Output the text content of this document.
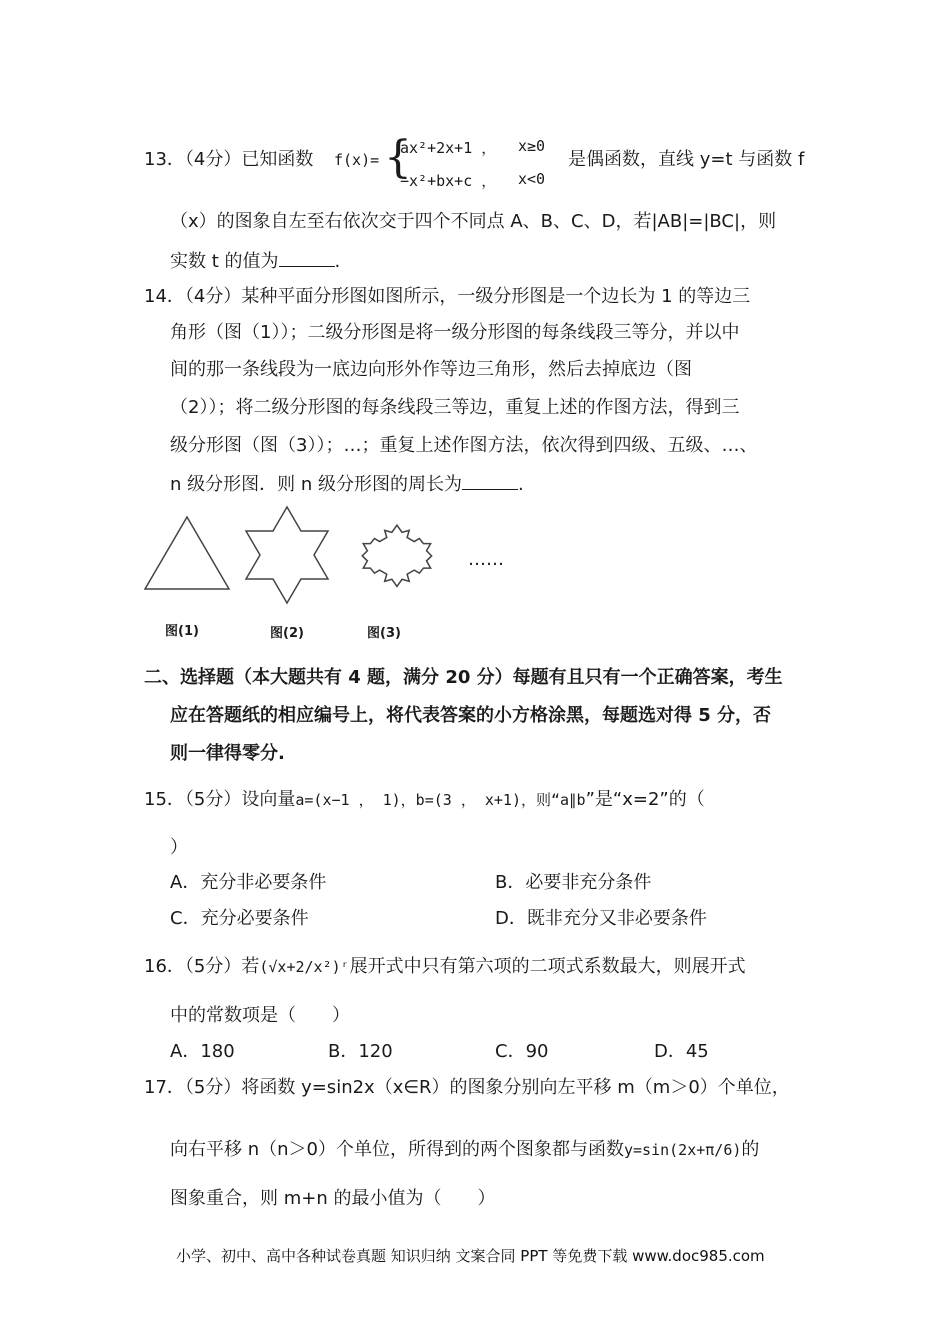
13．（4分）已知函数 f(x)= {
ax²+2x+1 ， x≥0
−x²+bx+c ， x<0
是偶函数，直线 y=t 与函数 f
（x）的图象自左至右依次交于四个不同点 A、B、C、D，若|AB|=|BC|，则
实数 t 的值为	.
14．（4分）某种平面分形图如图所示，一级分形图是一个边长为 1 的等边三
角形（图（1））；二级分形图是将一级分形图的每条线段三等分，并以中
间的那一条线段为一底边向形外作等边三角形，然后去掉底边（图
（2））；将二级分形图的每条线段三等边，重复上述的作图方法，得到三
级分形图（图（3））；…；重复上述作图方法，依次得到四级、五级、…、
n 级分形图．则 n 级分形图的周长为	.
……
图(1)	图(2)	图(3)
二、选择题（本大题共有 4 题，满分 20 分）每题有且只有一个正确答案，考生
应在答题纸的相应编号上，将代表答案的小方格涂黑，每题选对得 5 分，否
则一律得零分.
15．（5分）设向量a=(x−1 ， 1)，b=(3 ， x+1)，则“a∥b”是“x=2”的（
）
A．充分非必要条件	B．必要非充分条件
C．充分必要条件	D．既非充分又非必要条件
16．（5分）若(√x+2/x²)ʳ展开式中只有第六项的二项式系数最大，则展开式
中的常数项是（　　）
A．180	B．120	C．90	D．45
17．（5分）将函数 y=sin2x（x∈R）的图象分别向左平移 m（m＞0）个单位，
向右平移 n（n＞0）个单位，所得到的两个图象都与函数y=sin(2x+π/6)的
图象重合，则 m+n 的最小值为（　　）
小学、初中、高中各种试卷真题 知识归纳 文案合同 PPT 等免费下载 www.doc985.com
